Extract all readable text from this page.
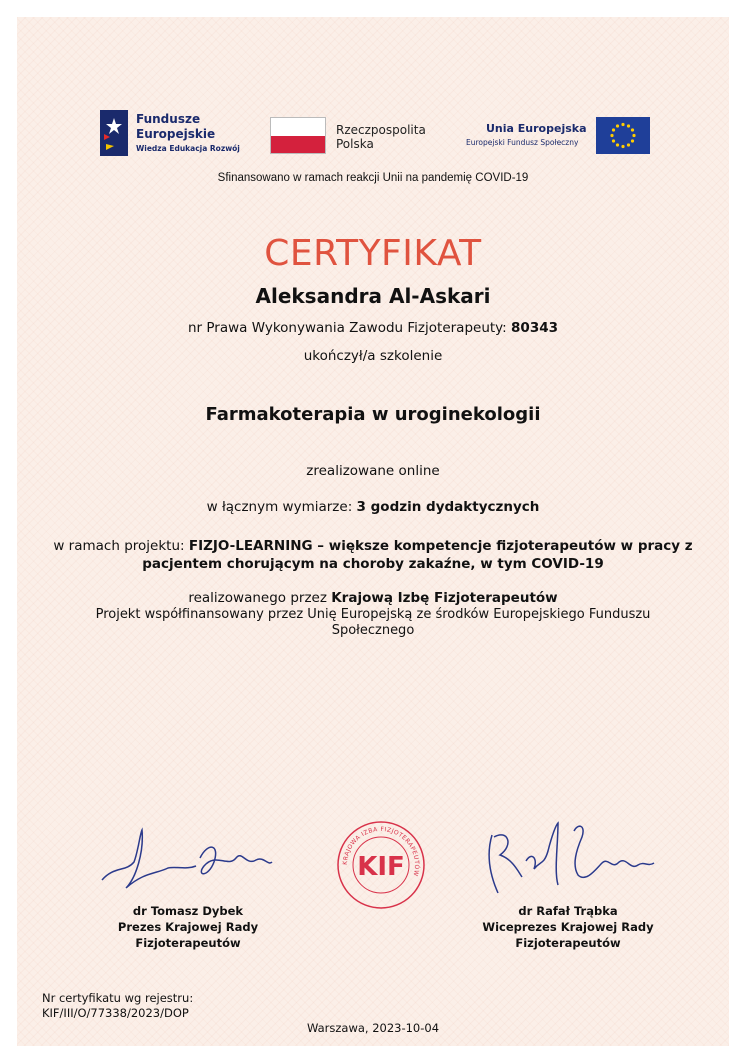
Fundusze
Europejskie
Wiedza Edukacja Rozwój
Rzeczpospolita
Polska
Unia Europejska
Europejski Fundusz Społeczny
Sfinansowano w ramach reakcji Unii na pandemię COVID-19
CERTYFIKAT
Aleksandra Al-Askari
nr Prawa Wykonywania Zawodu Fizjoterapeuty: 80343
ukończył/a szkolenie
Farmakoterapia w uroginekologii
zrealizowane online
w łącznym wymiarze: 3 godzin dydaktycznych
w ramach projektu: FIZJO-LEARNING – większe kompetencje fizjoterapeutów w pracy z pacjentem chorującym na choroby zakaźne, w tym COVID-19
realizowanego przez Krajową Izbę Fizjoterapeutów
Projekt współfinansowany przez Unię Europejską ze środków Europejskiego Funduszu Społecznego
dr Tomasz Dybek
Prezes Krajowej Rady
Fizjoterapeutów
dr Rafał Trąbka
Wiceprezes Krajowej Rady
Fizjoterapeutów
KRAJOWA IZBA FIZJOTERAPEUTÓW
KIF
Nr certyfikatu wg rejestru:
KIF/III/O/77338/2023/DOP
Warszawa, 2023-10-04
